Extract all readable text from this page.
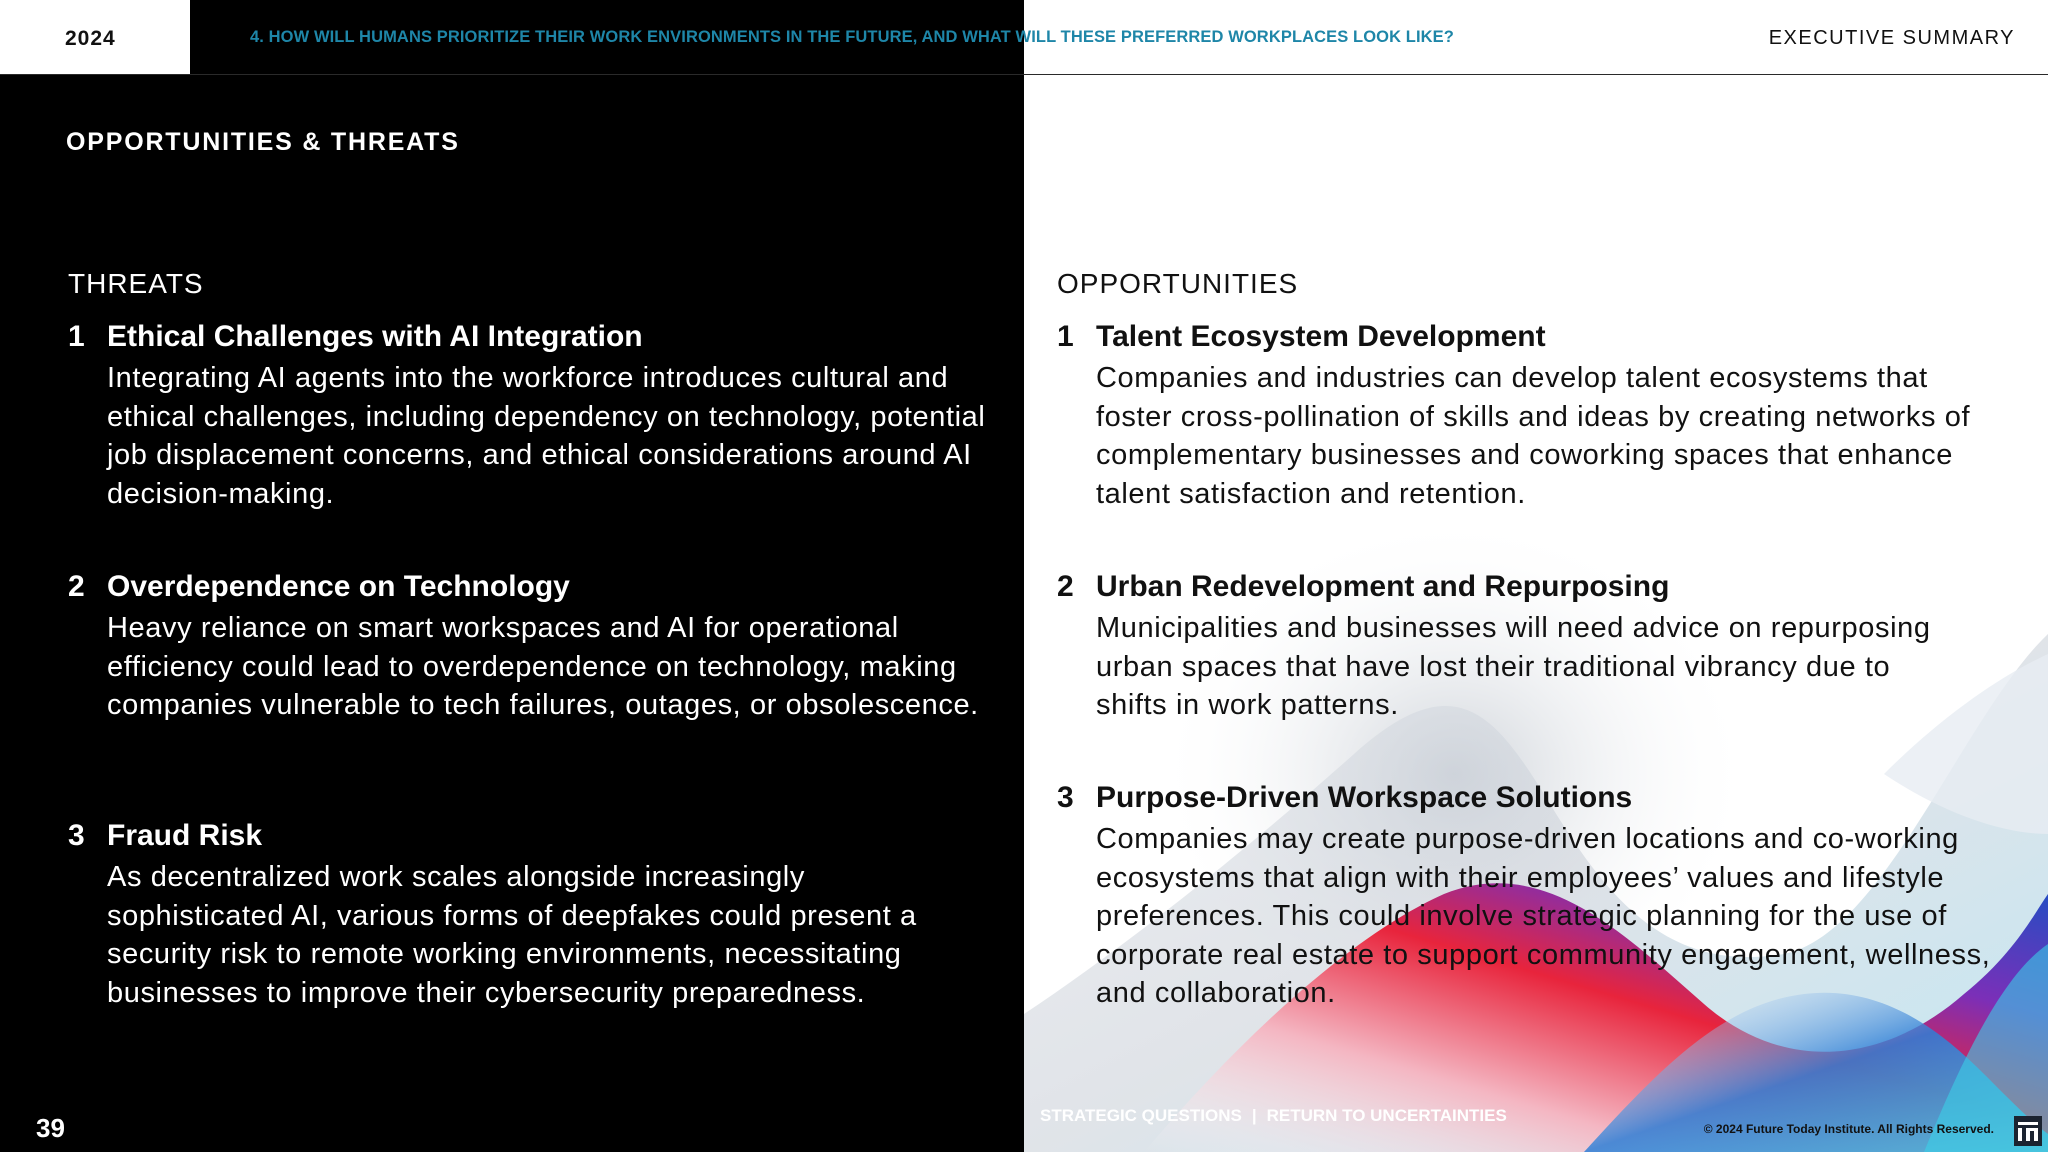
2024	4. HOW WILL HUMANS PRIORITIZE THEIR WORK ENVIRONMENTS IN THE FUTURE, AND WHAT WILL THESE PREFERRED WORKPLACES LOOK LIKE?	EXECUTIVE SUMMARY
OPPORTUNITIES & THREATS
THREATS	OPPORTUNITIES
1 Ethical Challenges with AI Integration
Integrating AI agents into the workforce introduces cultural and ethical challenges, including dependency on technology, potential job displacement concerns, and ethical considerations around AI decision-making.
2 Overdependence on Technology
Heavy reliance on smart workspaces and AI for operational efficiency could lead to overdependence on technology, making companies vulnerable to tech failures, outages, or obsolescence.
3 Fraud Risk
As decentralized work scales alongside increasingly sophisticated AI, various forms of deepfakes could present a security risk to remote working environments, necessitating businesses to improve their cybersecurity preparedness.
1 Talent Ecosystem Development
Companies and industries can develop talent ecosystems that foster cross-pollination of skills and ideas by creating networks of complementary businesses and coworking spaces that enhance talent satisfaction and retention.
2 Urban Redevelopment and Repurposing
Municipalities and businesses will need advice on repurposing urban spaces that have lost their traditional vibrancy due to shifts in work patterns.
3 Purpose-Driven Workspace Solutions
Companies may create purpose-driven locations and co-working ecosystems that align with their employees’ values and lifestyle preferences. This could involve strategic planning for the use of corporate real estate to support community engagement, wellness, and collaboration.
39	STRATEGIC QUESTIONS | RETURN TO UNCERTAINTIES
© 2024 Future Today Institute. All Rights Reserved.
